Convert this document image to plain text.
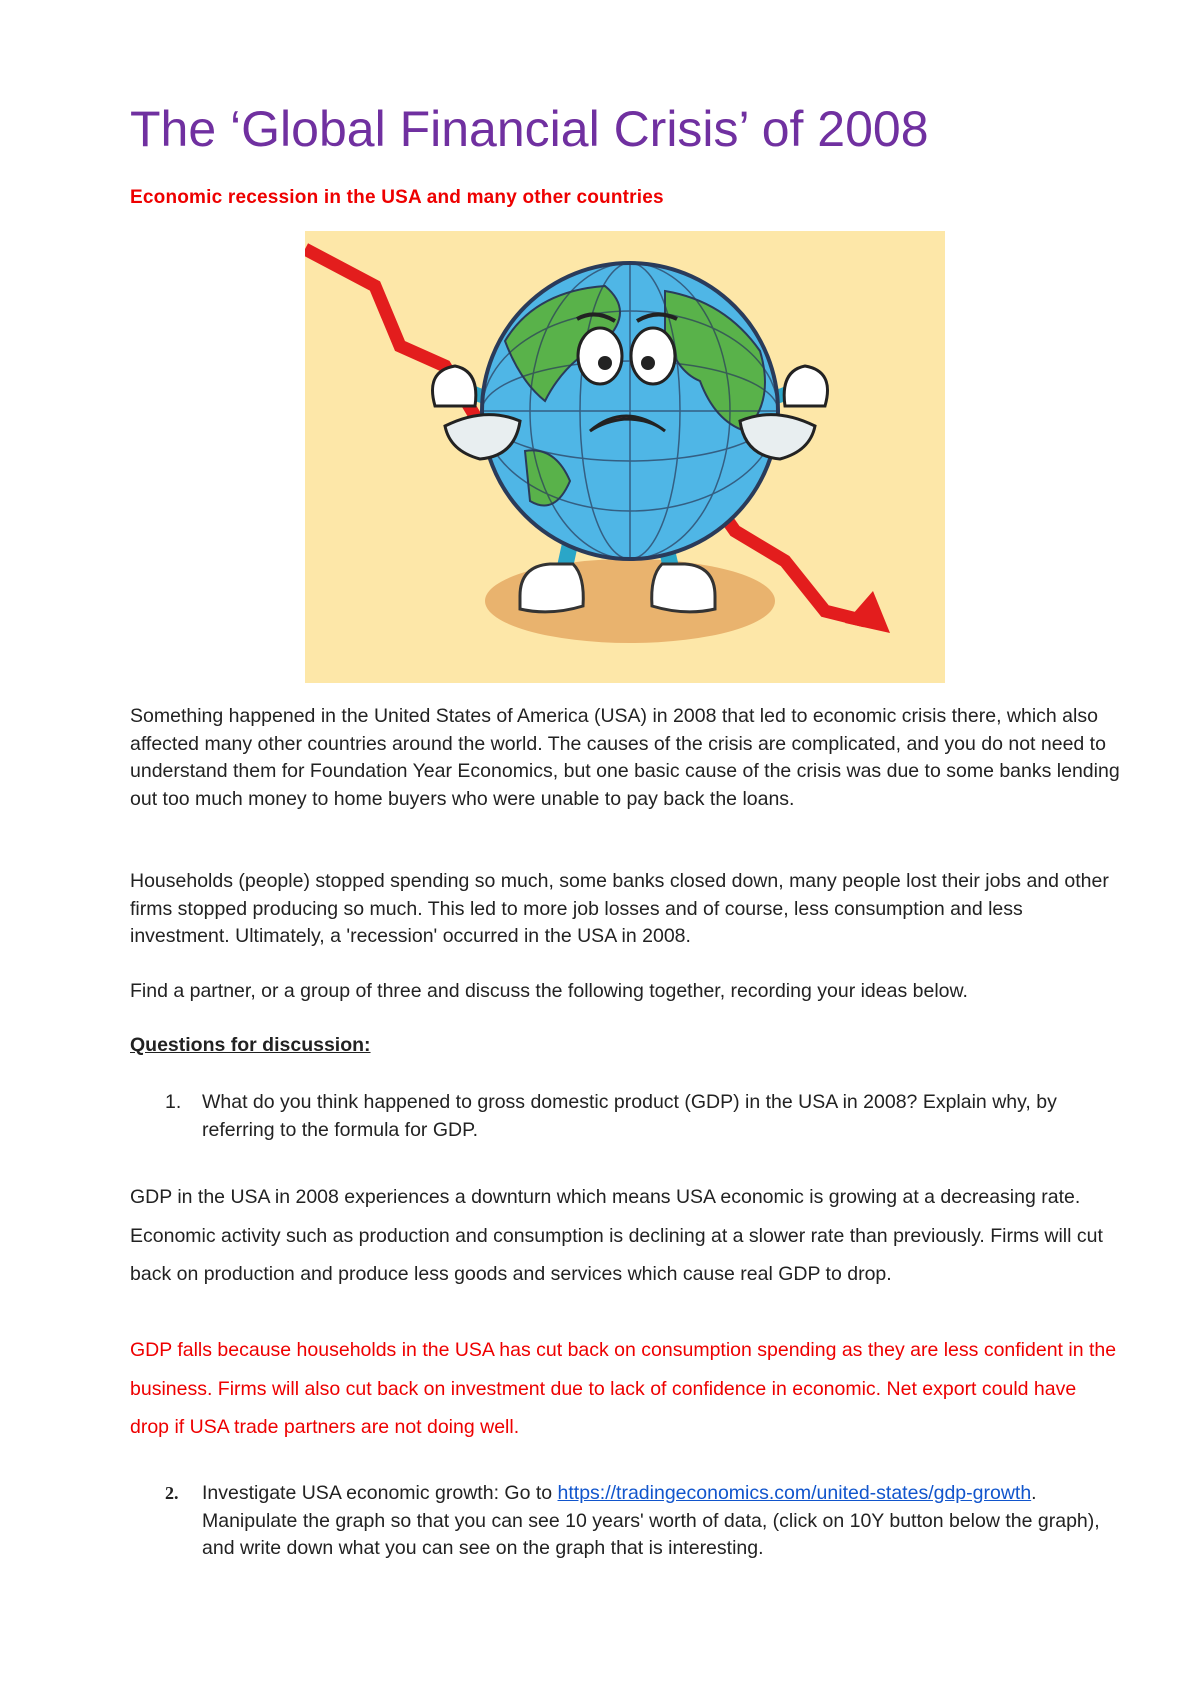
The ‘Global Financial Crisis’ of 2008

Economic recession in the USA and many other countries

Something happened in the United States of America (USA) in 2008 that led to economic crisis there, which also affected many other countries around the world. The causes of the crisis are complicated, and you do not need to understand them for Foundation Year Economics, but one basic cause of the crisis was due to some banks lending out too much money to home buyers who were unable to pay back the loans.

Households (people) stopped spending so much, some banks closed down, many people lost their jobs and other firms stopped producing so much. This led to more job losses and of course, less consumption and less investment. Ultimately, a 'recession' occurred in the USA in 2008.

Find a partner, or a group of three and discuss the following together, recording your ideas below.

Questions for discussion:

1. What do you think happened to gross domestic product (GDP) in the USA in 2008? Explain why, by referring to the formula for GDP.

GDP in the USA in 2008 experiences a downturn which means USA economic is growing at a decreasing rate. Economic activity such as production and consumption is declining at a slower rate than previously. Firms will cut back on production and produce less goods and services which cause real GDP to drop.

GDP falls because households in the USA has cut back on consumption spending as they are less confident in the business. Firms will also cut back on investment due to lack of confidence in economic. Net export could have drop if USA trade partners are not doing well.

2. Investigate USA economic growth: Go to https://tradingeconomics.com/united-states/gdp-growth. Manipulate the graph so that you can see 10 years' worth of data, (click on 10Y button below the graph), and write down what you can see on the graph that is interesting.
